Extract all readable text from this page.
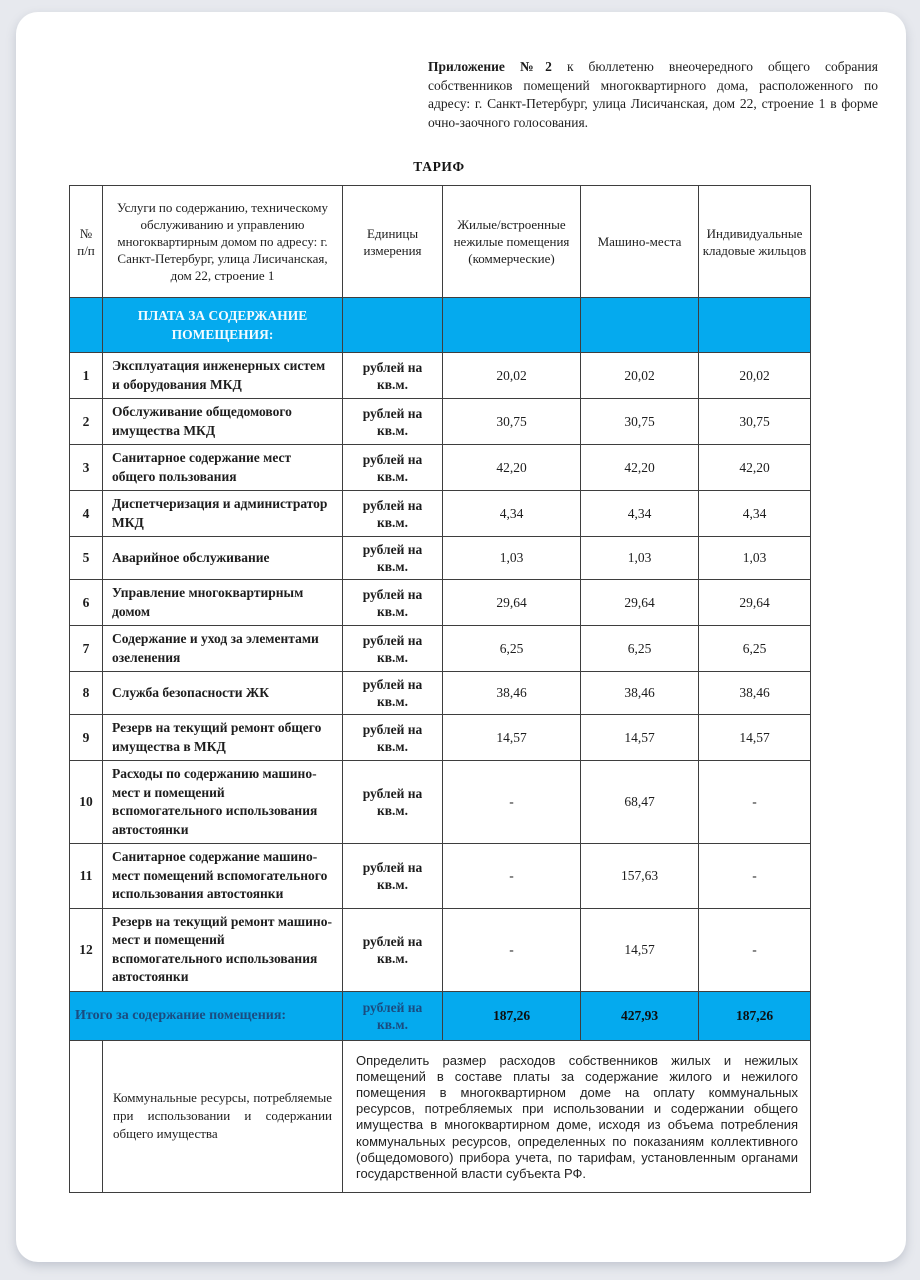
Приложение №2 к бюллетеню внеочередного общего собрания собственников помещений многоквартирного дома, расположенного по адресу: г. Санкт-Петербург, улица Лисичанская, дом 22, строение 1 в форме очно-заочного голосования.

ТАРИФ
№ п/п	Услуги по содержанию, техническому обслуживанию и управлению многоквартирным домом по адресу: г. Санкт-Петербург, улица Лисичанская, дом 22, строение 1	Единицы измерения	Жилые/встроенные нежилые помещения (коммерческие)	Машино-места	Индивидуальные кладовые жильцов
	ПЛАТА ЗА СОДЕРЖАНИЕ ПОМЕЩЕНИЯ:				
1	Эксплуатация инженерных систем и оборудования МКД	рублей на кв.м.	20,02	20,02	20,02
2	Обслуживание общедомового имущества МКД	рублей на кв.м.	30,75	30,75	30,75
3	Санитарное содержание мест общего пользования	рублей на кв.м.	42,20	42,20	42,20
4	Диспетчеризация и администратор МКД	рублей на кв.м.	4,34	4,34	4,34
5	Аварийное обслуживание	рублей на кв.м.	1,03	1,03	1,03
6	Управление многоквартирным домом	рублей на кв.м.	29,64	29,64	29,64
7	Содержание и уход за элементами озеленения	рублей на кв.м.	6,25	6,25	6,25
8	Служба безопасности ЖК	рублей на кв.м.	38,46	38,46	38,46
9	Резерв на текущий ремонт общего имущества в МКД	рублей на кв.м.	14,57	14,57	14,57
10	Расходы по содержанию машино-мест и помещений вспомогательного использования автостоянки	рублей на кв.м.	-	68,47	-
11	Санитарное содержание машино-мест помещений вспомогательного использования автостоянки	рублей на кв.м.	-	157,63	-
12	Резерв на текущий ремонт машино-мест и помещений вспомогательного использования автостоянки	рублей на кв.м.	-	14,57	-
Итого за содержание помещения:		рублей на кв.м.	187,26	427,93	187,26
	Коммунальные ресурсы, потребляемые при использовании и содержании общего имущества	Определить размер расходов собственников жилых и нежилых помещений в составе платы за содержание жилого и нежилого помещения в многоквартирном доме на оплату коммунальных ресурсов, потребляемых при использовании и содержании общего имущества в многоквартирном доме, исходя из объема потребления коммунальных ресурсов, определенных по показаниям коллективного (общедомового) прибора учета, по тарифам, установленным органами государственной власти субъекта РФ.			
